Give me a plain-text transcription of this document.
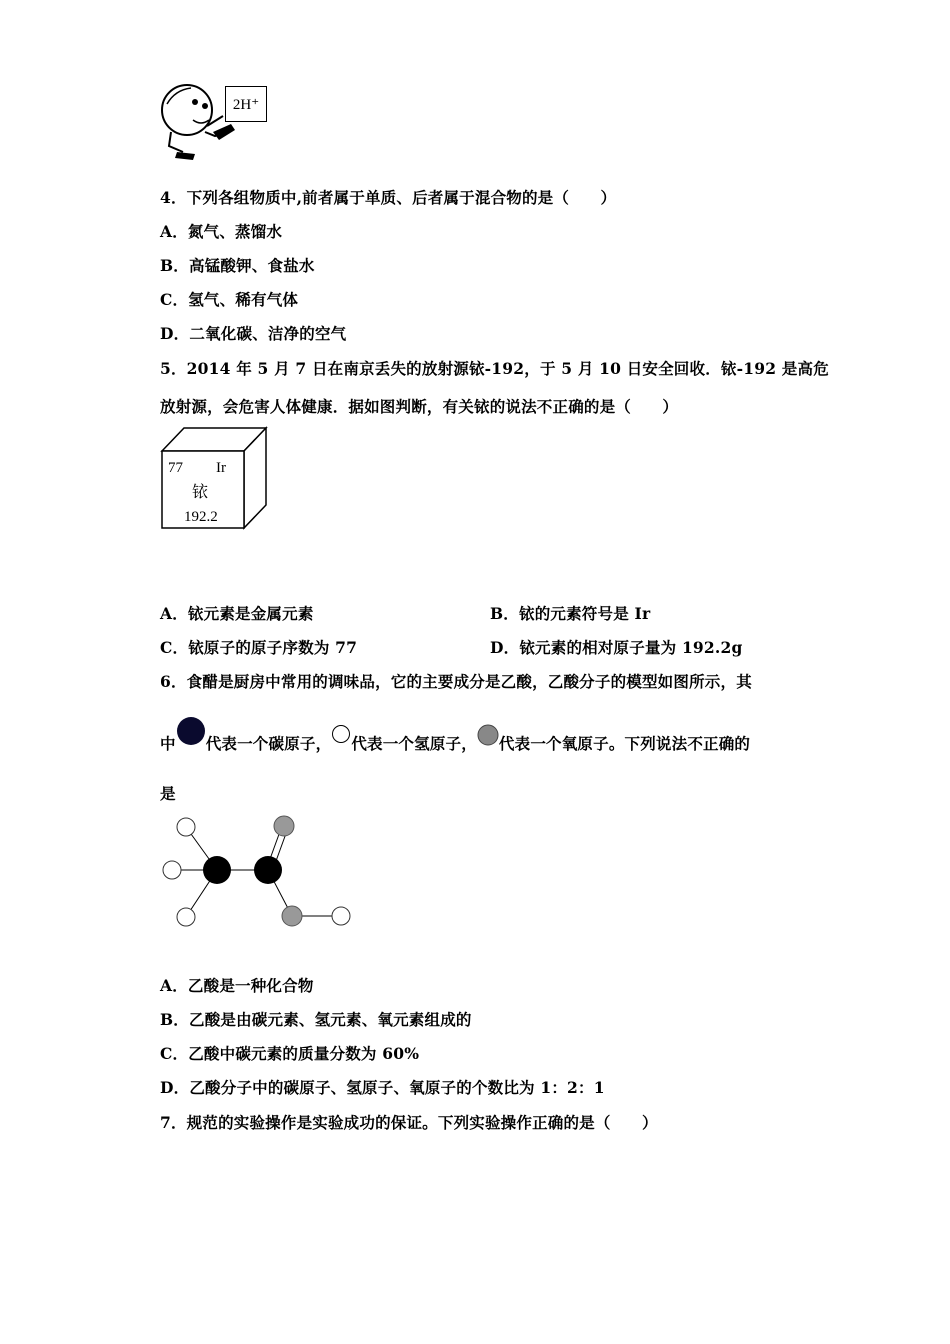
2H⁺
4．下列各组物质中,前者属于单质、后者属于混合物的是（　　）
A．氮气、蒸馏水
B．高锰酸钾、食盐水
C．氢气、稀有气体
D．二氧化碳、洁净的空气
5．2014 年 5 月 7 日在南京丢失的放射源铱-192，于 5 月 10 日安全回收．铱-192 是高危
放射源，会危害人体健康．据如图判断，有关铱的说法不正确的是（　　）
77 Ir
铱
192.2
A．铱元素是金属元素	B．铱的元素符号是 Ir
C．铱原子的原子序数为 77	D．铱元素的相对原子量为 192.2g
6．食醋是厨房中常用的调味品，它的主要成分是乙酸，乙酸分子的模型如图所示，其
中 代表一个碳原子， 代表一个氢原子， 代表一个氧原子。下列说法不正确的
是
A．乙酸是一种化合物
B．乙酸是由碳元素、氢元素、氧元素组成的
C．乙酸中碳元素的质量分数为 60%
D．乙酸分子中的碳原子、氢原子、氧原子的个数比为 1：2：1
7．规范的实验操作是实验成功的保证。下列实验操作正确的是（　　）
